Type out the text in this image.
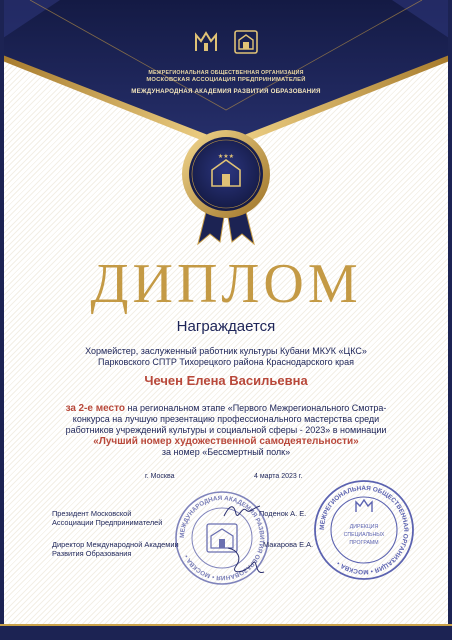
МЕЖРЕГИОНАЛЬНАЯ ОБЩЕСТВЕННАЯ ОРГАНИЗАЦИЯ
МОСКОВСКАЯ АССОЦИАЦИЯ ПРЕДПРИНИМАТЕЛЕЙ
МЕЖДУНАРОДНАЯ АКАДЕМИЯ РАЗВИТИЯ ОБРАЗОВАНИЯ
★★★
ДИПЛОМ
Награждается
Хормейстер, заслуженный работник культуры Кубани МКУК «ЦКС»
Парковского СПТР Тихорецкого района Краснодарского края
Чечен Елена Васильевна
за 2-е место на региональном этапе «Первого Межрегионального Смотра-
конкурса на лучшую презентацию профессионального мастерства среди
работников учреждений культуры и социальной сферы - 2023» в номинации
«Лучший номер художественной самодеятельности»
за номер «Бессмертный полк»
г. Москва	4 марта 2023 г.
МЕЖДУНАРОДНАЯ АКАДЕМИЯ РАЗВИТИЯ ОБРАЗОВАНИЯ • МОСКВА •
МЕЖРЕГИОНАЛЬНАЯ ОБЩЕСТВЕННАЯ ОРГАНИЗАЦИЯ • МОСКВА •
ДИРЕКЦИЯ
СПЕЦИАЛЬНЫХ
ПРОГРАММ
Президент Московской
Ассоциации Предпринимателей
Поденок А. Е.
Директор Международной Академии
Развития Образования
Макарова Е.А.
